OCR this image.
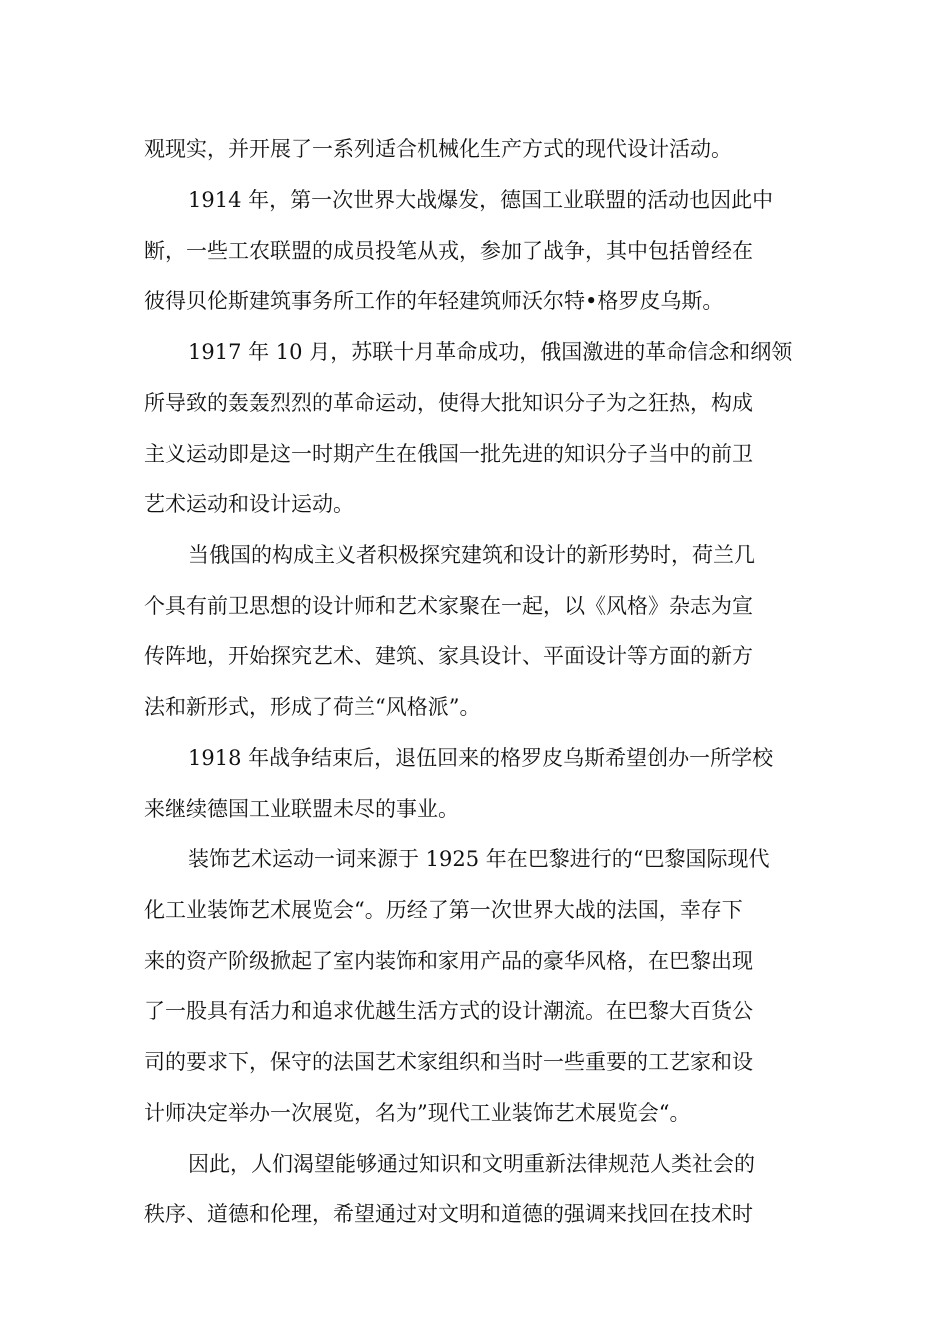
观现实，并开展了一系列适合机械化生产方式的现代设计活动。
1914 年，第一次世界大战爆发，德国工业联盟的活动也因此中
断，一些工农联盟的成员投笔从戎，参加了战争，其中包括曾经在
彼得贝伦斯建筑事务所工作的年轻建筑师沃尔特•格罗皮乌斯。
1917 年 10 月，苏联十月革命成功，俄国激进的革命信念和纲领
所导致的轰轰烈烈的革命运动，使得大批知识分子为之狂热，构成
主义运动即是这一时期产生在俄国一批先进的知识分子当中的前卫
艺术运动和设计运动。
当俄国的构成主义者积极探究建筑和设计的新形势时，荷兰几
个具有前卫思想的设计师和艺术家聚在一起，以《风格》杂志为宣
传阵地，开始探究艺术、建筑、家具设计、平面设计等方面的新方
法和新形式，形成了荷兰“风格派”。
1918 年战争结束后，退伍回来的格罗皮乌斯希望创办一所学校
来继续德国工业联盟未尽的事业。
装饰艺术运动一词来源于 1925 年在巴黎进行的“巴黎国际现代
化工业装饰艺术展览会“。历经了第一次世界大战的法国，幸存下
来的资产阶级掀起了室内装饰和家用产品的豪华风格，在巴黎出现
了一股具有活力和追求优越生活方式的设计潮流。在巴黎大百货公
司的要求下，保守的法国艺术家组织和当时一些重要的工艺家和设
计师决定举办一次展览，名为”现代工业装饰艺术展览会“。
因此，人们渴望能够通过知识和文明重新法律规范人类社会的
秩序、道德和伦理，希望通过对文明和道德的强调来找回在技术时
